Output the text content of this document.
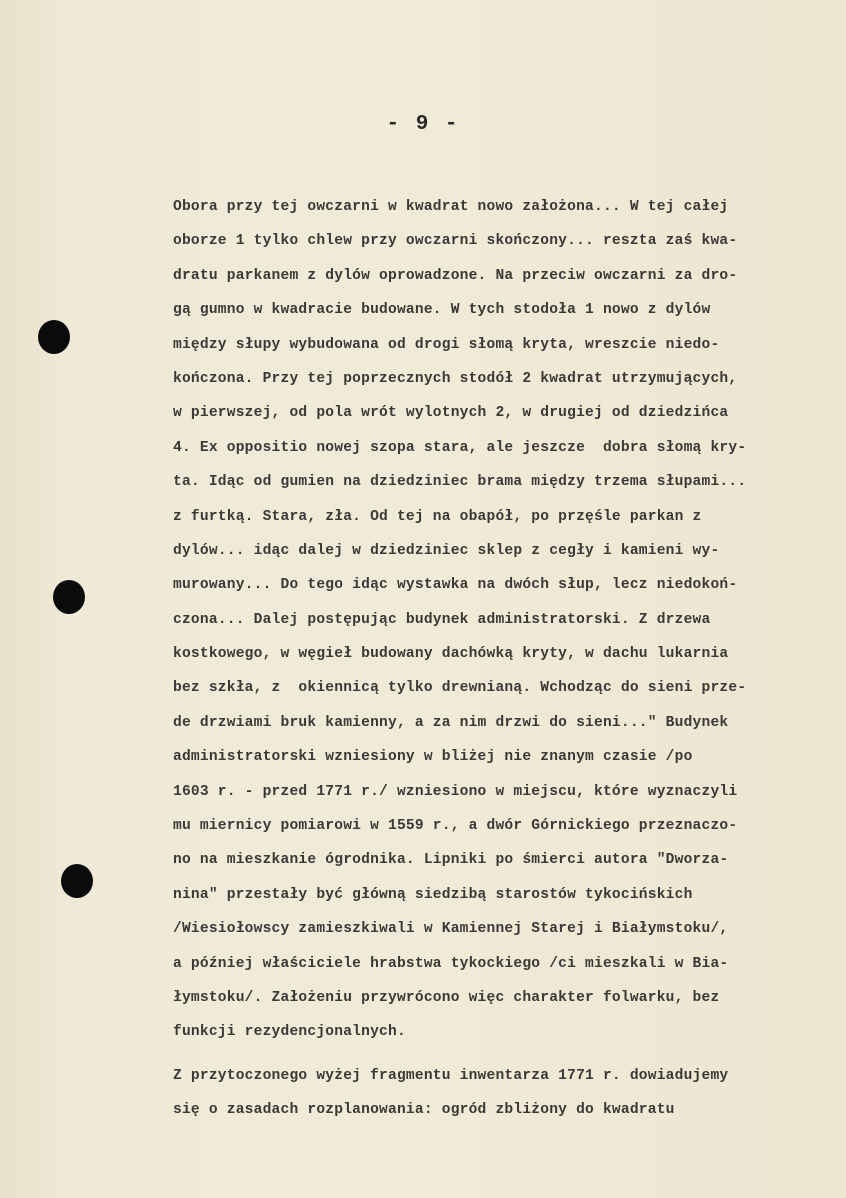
- 9 -
Obora przy tej owczarni w kwadrat nowo założona... W tej całej
oborze 1 tylko chlew przy owczarni skończony... reszta zaś kwa-
dratu parkanem z dylów oprowadzone. Na przeciw owczarni za dro-
gą gumno w kwadracie budowane. W tych stodoła 1 nowo z dylów
między słupy wybudowana od drogi słomą kryta, wreszcie niedo-
kończona. Przy tej poprzecznych stodół 2 kwadrat utrzymujących,
w pierwszej, od pola wrót wylotnych 2, w drugiej od dziedzińca
4. Ex oppositio nowej szopa stara, ale jeszcze  dobra słomą kry-
ta. Idąc od gumien na dziedziniec brama między trzema słupami...
z furtką. Stara, zła. Od tej na obapół, po przęśle parkan z
dylów... idąc dalej w dziedziniec sklep z cegły i kamieni wy-
murowany... Do tego idąc wystawka na dwóch słup, lecz niedokoń-
czona... Dalej postępując budynek administratorski. Z drzewa
kostkowego, w węgieł budowany dachówką kryty, w dachu lukarnia
bez szkła, z  okiennicą tylko drewnianą. Wchodząc do sieni prze-
de drzwiami bruk kamienny, a za nim drzwi do sieni..." Budynek
administratorski wzniesiony w bliżej nie znanym czasie /po
1603 r. - przed 1771 r./ wzniesiono w miejscu, które wyznaczyli
mu miernicy pomiarowi w 1559 r., a dwór Górnickiego przeznaczo-
no na mieszkanie ógrodnika. Lipniki po śmierci autora "Dworza-
nina" przestały być główną siedzibą starostów tykocińskich
/Wiesiołowscy zamieszkiwali w Kamiennej Starej i Białymstoku/,
a później właściciele hrabstwa tykockiego /ci mieszkali w Bia-
łymstoku/. Założeniu przywrócono więc charakter folwarku, bez
funkcji rezydencjonalnych.
Z przytoczonego wyżej fragmentu inwentarza 1771 r. dowiadujemy
się o zasadach rozplanowania: ogród zbliżony do kwadratu
